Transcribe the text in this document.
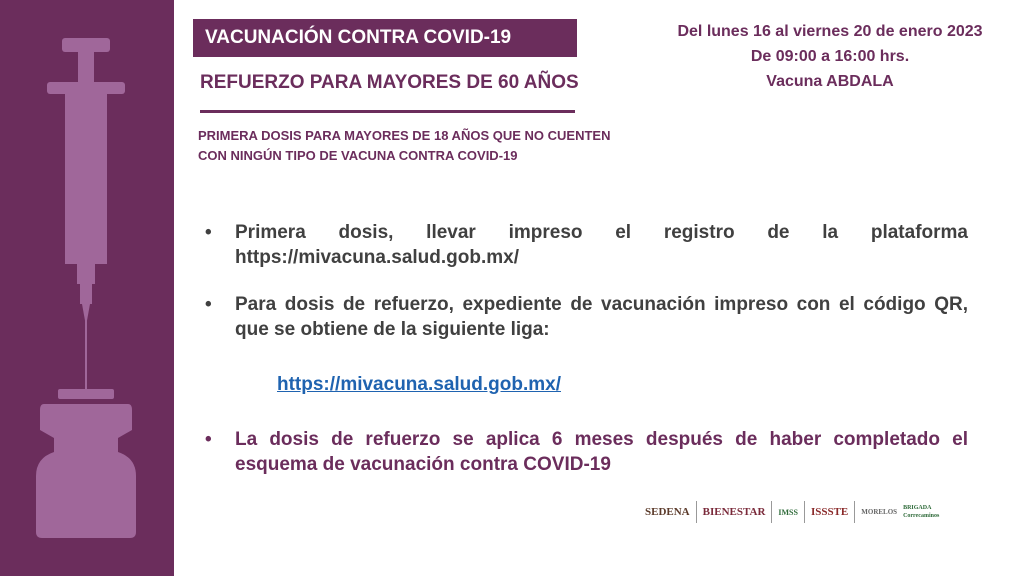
VACUNACIÓN CONTRA COVID-19
REFUERZO PARA MAYORES DE 60 AÑOS
PRIMERA DOSIS PARA MAYORES DE 18 AÑOS QUE NO CUENTEN
CON NINGÚN TIPO DE VACUNA CONTRA COVID-19
Del lunes 16 al viernes 20 de enero 2023
De 09:00 a 16:00 hrs.
Vacuna ABDALA
• Primera dosis, llevar impreso el registro de la plataforma https://mivacuna.salud.gob.mx/
• Para dosis de refuerzo, expediente de vacunación impreso con el código QR, que se obtiene de la siguiente liga:
• La dosis de refuerzo se aplica 6 meses después de haber completado el esquema de vacunación contra COVID-19
https://mivacuna.salud.gob.mx/
SEDENA BIENESTAR IMSS ISSSTE MORELOS BRIGADA Correcaminos
